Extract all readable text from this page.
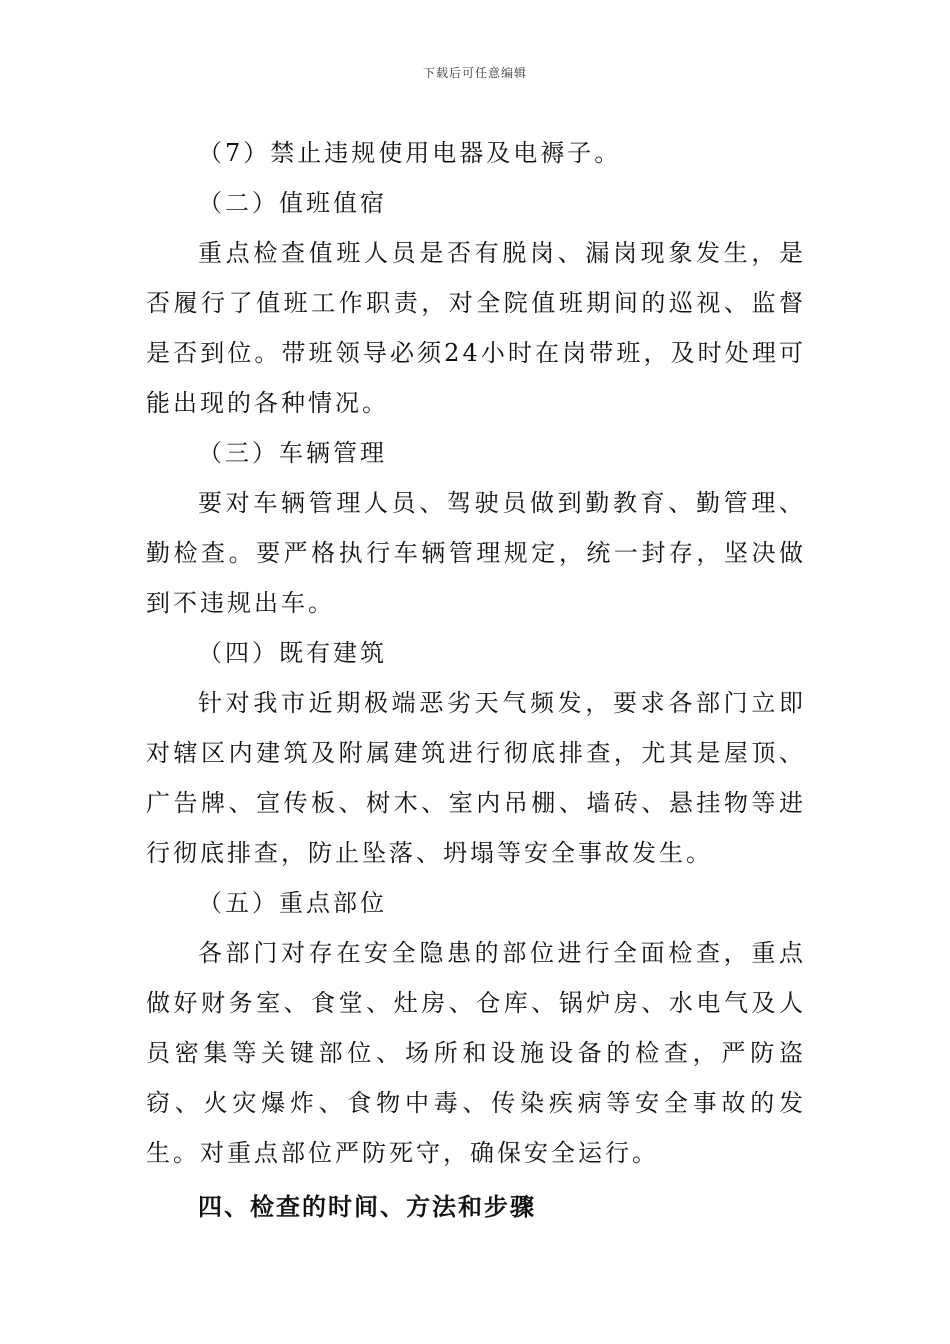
下载后可任意编辑

（7）禁止违规使用电器及电褥子。

（二）值班值宿

重点检查值班人员是否有脱岗、漏岗现象发生，是否履行了值班工作职责，对全院值班期间的巡视、监督是否到位。带班领导必须24小时在岗带班，及时处理可能出现的各种情况。

（三）车辆管理

要对车辆管理人员、驾驶员做到勤教育、勤管理、勤检查。要严格执行车辆管理规定，统一封存，坚决做到不违规出车。

（四）既有建筑

针对我市近期极端恶劣天气频发，要求各部门立即对辖区内建筑及附属建筑进行彻底排查，尤其是屋顶、广告牌、宣传板、树木、室内吊棚、墙砖、悬挂物等进行彻底排查，防止坠落、坍塌等安全事故发生。

（五）重点部位

各部门对存在安全隐患的部位进行全面检查，重点做好财务室、食堂、灶房、仓库、锅炉房、水电气及人员密集等关键部位、场所和设施设备的检查，严防盗窃、火灾爆炸、食物中毒、传染疾病等安全事故的发生。对重点部位严防死守，确保安全运行。

四、检查的时间、方法和步骤
